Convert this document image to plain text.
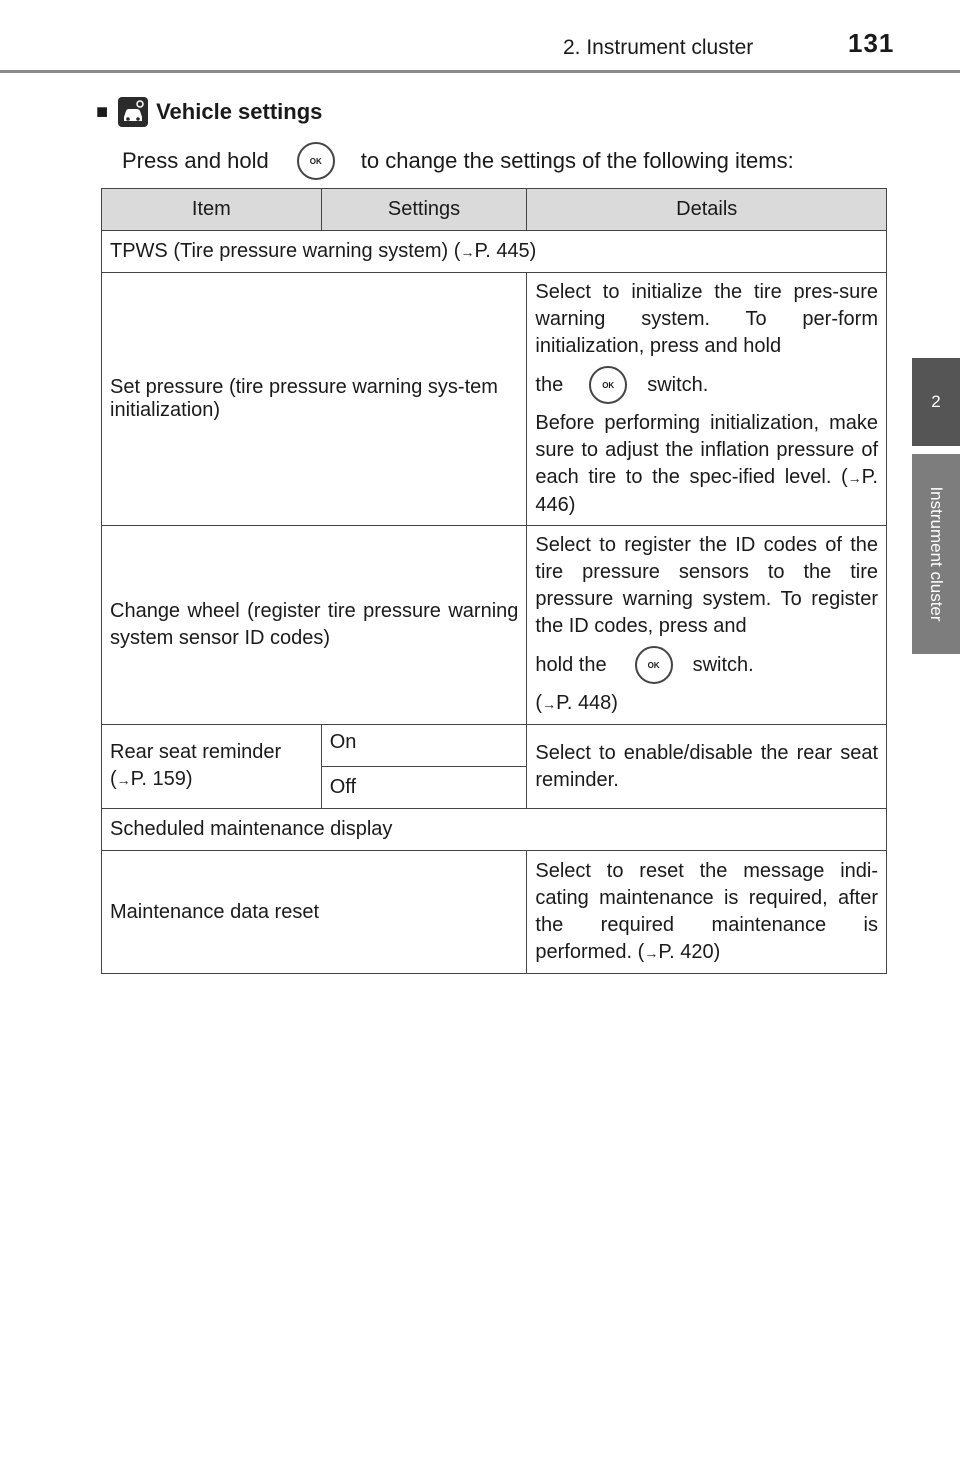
2. Instrument cluster	131
2
Instrument cluster
■ Vehicle settings
Press and hold	OK	to change the settings of the following items:
Item	Settings	Details
TPWS (Tire pressure warning system) (→P. 445)		
Set pressure (tire pressure warning sys-tem initialization)		Select to initialize the tire pres-sure warning system. To per-form initialization, press and hold
the OK switch.
Before performing initialization, make sure to adjust the inflation pressure of each tire to the spec-ified level. (→P. 446)
Change wheel (register tire pressure warning system sensor ID codes)		Select to register the ID codes of the tire pressure sensors to the tire pressure warning system. To register the ID codes, press and
hold the OK switch.
(→P. 448)
Rear seat reminder
(→P. 159)	On	Select to enable/disable the rear seat reminder.
	Off	
Scheduled maintenance display		
Maintenance data reset		Select to reset the message indi-cating maintenance is required, after the required maintenance is performed. (→P. 420)
